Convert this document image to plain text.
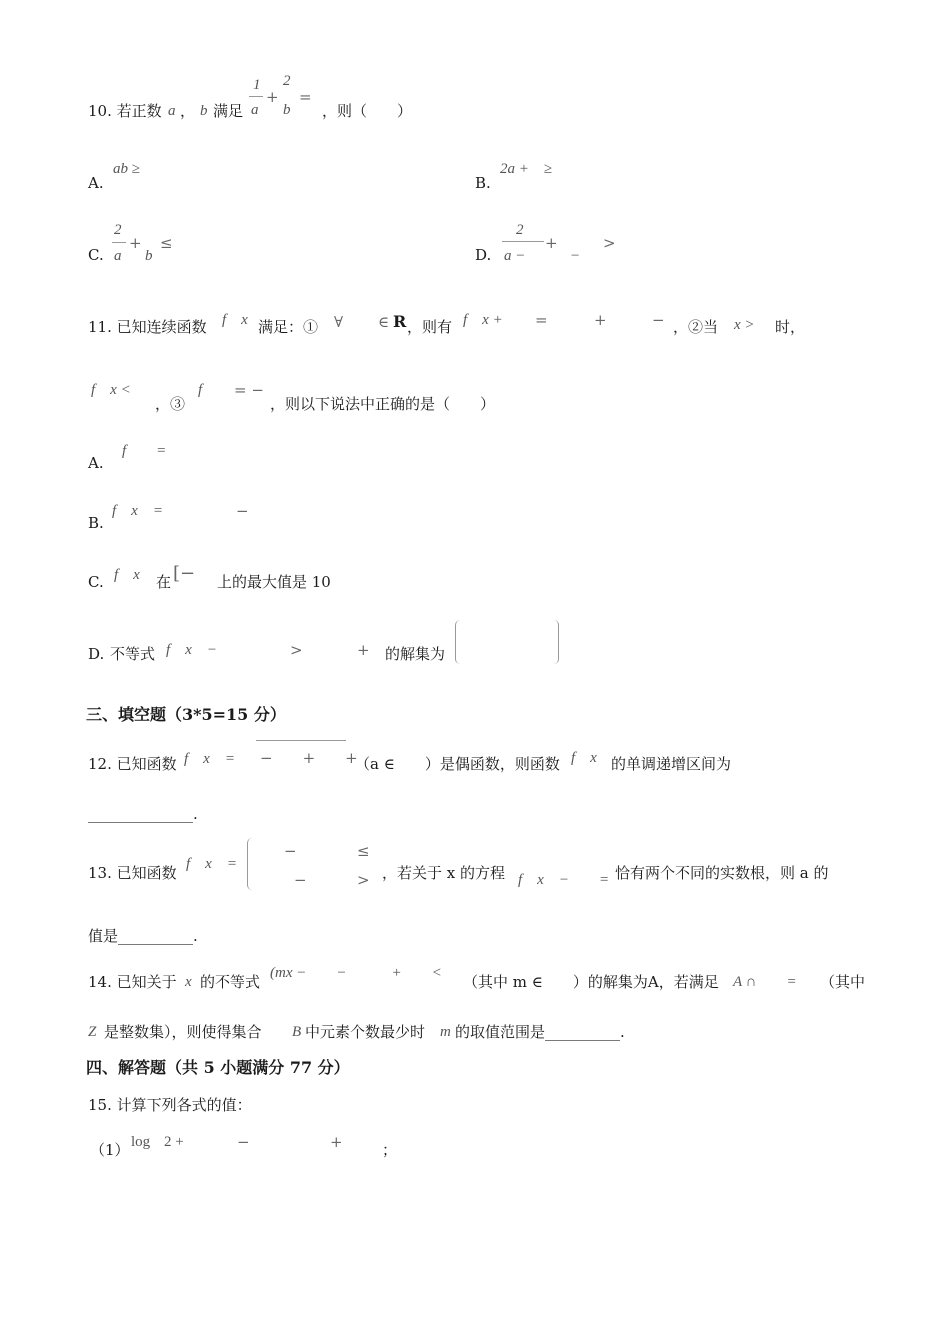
10. 若正数 a ， b 满足
1
a
+
2
b
=
，则（　　）
A.
ab ≥
B.
2a +　≥
C.
2
a
+
b
≤
D.
2
a −
+
−
>
11. 已知连续函数 f　x 满足：① ∀ ∈ R ，则有 f　x + =	+	− ，②当 x > 时，
f　x <
，③
f = −
，则以下说法中正确的是（　　）
A.
f　　=
B.
f　x　=	−
C. f　x 在 [− 上的最大值是 10
D. 不等式 f　x　−	>	+ 的解集为
三、填空题（3*5=15 分）
12. 已知函数 f　x　= −　　+　　+
（a ∈　　）是偶函数，则函数 f　x 的单调递增区间为
______________.
13. 已知函数 f　x　=
−	≤
−	> ，若关于 x 的方程 f　x　−　　= 恰有两个不同的实数根，则 a 的
值是__________.
14. 已知关于 x 的不等式 (mx −　　−　　　+　　< （其中 m ∈　　）的解集为A，若满足 A ∩　　= （其中
Z 是整数集），则使得集合 B 中元素个数最少时 m 的取值范围是__________.
四、解答题（共 5 小题满分 77 分）
15. 计算下列各式的值：
（1） log 2 +	−	+	；
